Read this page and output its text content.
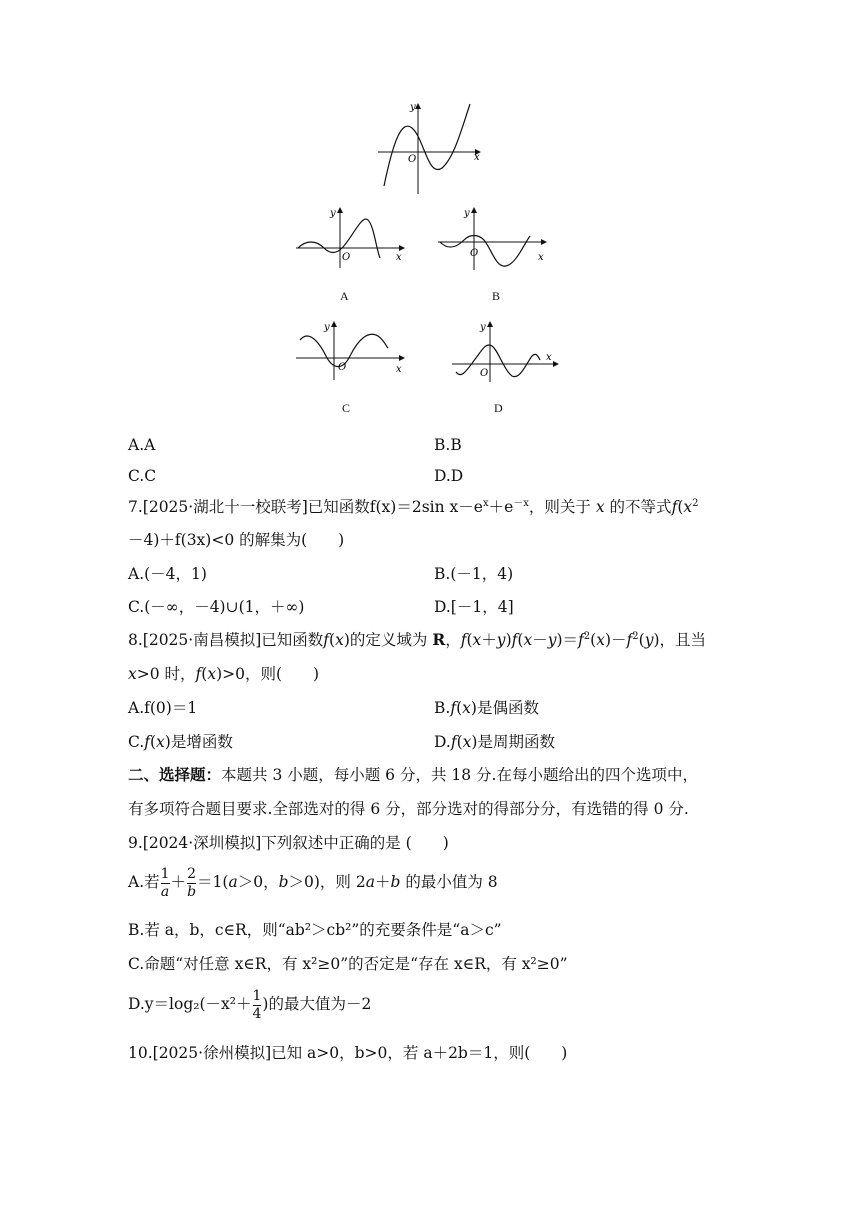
y
x
O
y
x
O
A
y
x
O
B
y
x
O
C
y
x
O
D
A.A	B.B
C.C	D.D
7.[2025·湖北十一校联考]已知函数f(x)＝2sin $x-e^x+e^{-x}$，则关于 x 的不等式$f(x^2$
－4)＋f(3x)<0 的解集为(　　)
A.(－4，1)	B.(－1，4)
C.(－∞，－4)∪(1，＋∞)	D.[－1，4]
8.[2025·南昌模拟]已知函数f(x)的定义域为 R，$f(x+y)f(x-y)=f^2(x)-f^2(y)$，且当
x>0 时，f(x)>0，则(　　)
A.f(0)＝1	B.f(x)是偶函数
C.f(x)是增函数	D.f(x)是周期函数
二、选择题：本题共 3 小题，每小题 6 分，共 18 分.在每小题给出的四个选项中，
有多项符合题目要求.全部选对的得 6 分，部分选对的得部分分，有选错的得 0 分.
9.[2024·深圳模拟]下列叙述中正确的是 (　　)
A.若 $\frac{1}{a} + \frac{2}{b} =1(a>0$，b＞0)，则 2a＋b 的最小值为 8
B.若 a，b，c∈R，则“ab²＞cb²”的充要条件是“a＞c”
C.命题“对任意 x∈R，有 x²≥0”的否定是“存在 x∈R，有 x²≥0”
$D.y=\log_2(-x^2+ \frac{1}{4}$ )的最大值为－2
10.[2025·徐州模拟]已知 a>0，b>0，若 a＋2b＝1，则(　　)
